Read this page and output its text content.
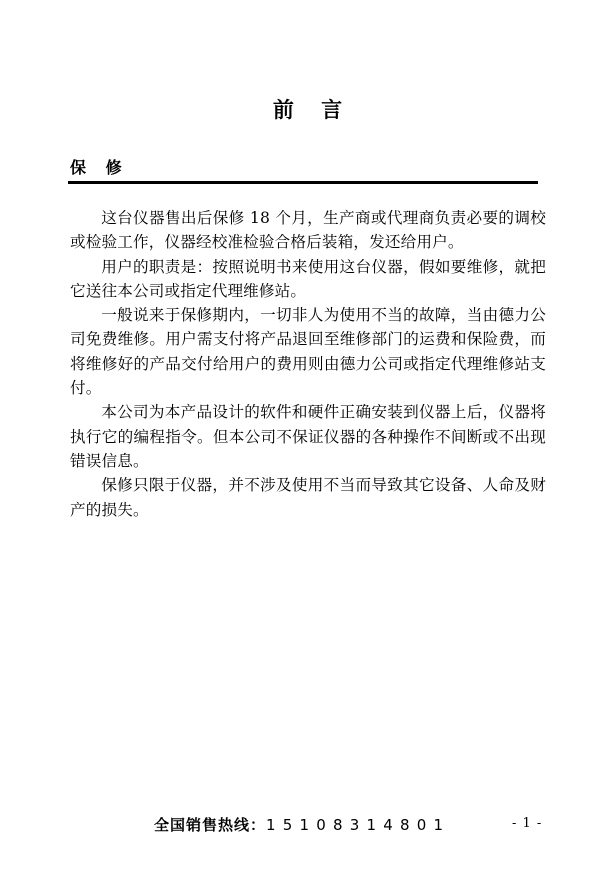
前 言
保 修

这台仪器售出后保修 18 个月，生产商或代理商负责必要的调校或检验工作，仪器经校准检验合格后装箱，发还给用户。

用户的职责是：按照说明书来使用这台仪器，假如要维修，就把它送往本公司或指定代理维修站。

一般说来于保修期内，一切非人为使用不当的故障，当由德力公司免费维修。用户需支付将产品退回至维修部门的运费和保险费，而将维修好的产品交付给用户的费用则由德力公司或指定代理维修站支付。

本公司为本产品设计的软件和硬件正确安装到仪器上后，仪器将执行它的编程指令。但本公司不保证仪器的各种操作不间断或不出现错误信息。

保修只限于仪器，并不涉及使用不当而导致其它设备、人命及财产的损失。

全国销售热线：15108314801	- 1 -
